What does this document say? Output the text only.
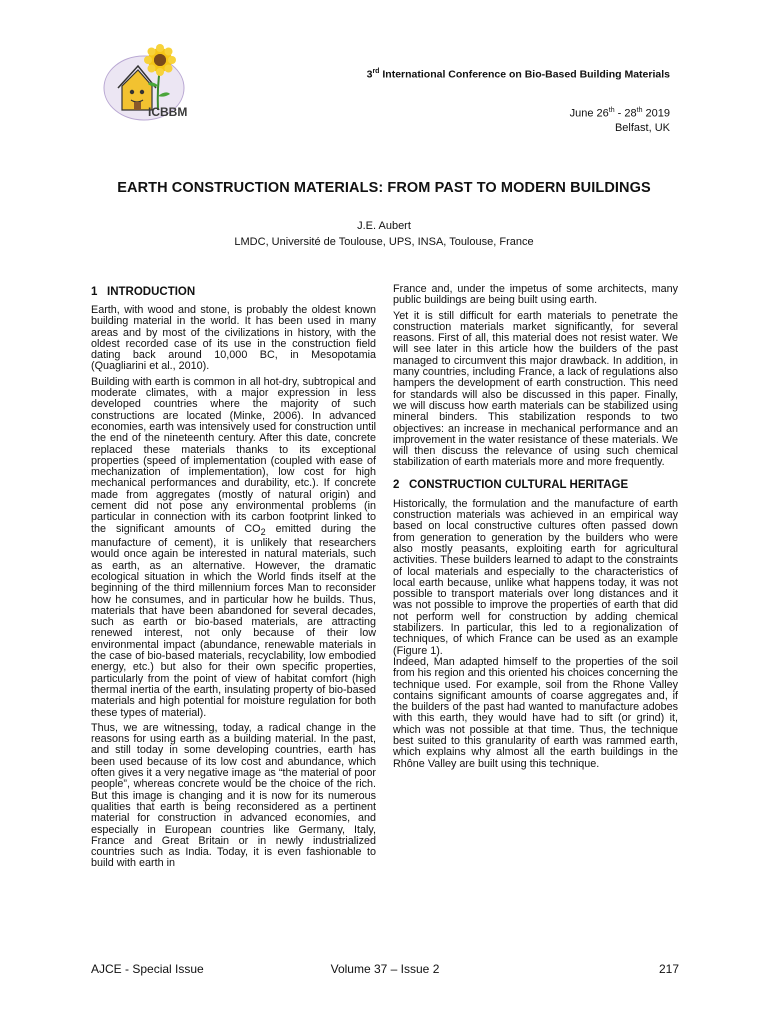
ICBBM
3rd International Conference on Bio-Based Building Materials
June 26th - 28th 2019
Belfast, UK
EARTH CONSTRUCTION MATERIALS: FROM PAST TO MODERN BUILDINGS
J.E. Aubert
LMDC, Université de Toulouse, UPS, INSA, Toulouse, France
1 INTRODUCTION

Earth, with wood and stone, is probably the oldest known building material in the world. It has been used in many areas and by most of the civilizations in history, with the oldest recorded case of its use in the construction field dating back around 10,000 BC, in Mesopotamia (Quagliarini et al., 2010).

Building with earth is common in all hot-dry, subtropical and moderate climates, with a major expression in less developed countries where the majority of such constructions are located (Minke, 2006). In advanced economies, earth was intensively used for construction until the end of the nineteenth century. After this date, concrete replaced these materials thanks to its exceptional properties (speed of implementation (coupled with ease of mechanization of implementation), low cost for high mechanical performances and durability, etc.). If concrete made from aggregates (mostly of natural origin) and cement did not pose any environmental problems (in particular in connection with its carbon footprint linked to the significant amounts of $CO_2$ emitted during the manufacture of cement), it is unlikely that researchers would once again be interested in natural materials, such as earth, as an alternative. However, the dramatic ecological situation in which the World finds itself at the beginning of the third millennium forces Man to reconsider how he consumes, and in particular how he builds. Thus, materials that have been abandoned for several decades, such as earth or bio-based materials, are attracting renewed interest, not only because of their low environmental impact (abundance, renewable materials in the case of bio-based materials, recyclability, low embodied energy, etc.) but also for their own specific properties, particularly from the point of view of habitat comfort (high thermal inertia of the earth, insulating property of bio-based materials and high potential for moisture regulation for both these types of material).

Thus, we are witnessing, today, a radical change in the reasons for using earth as a building material. In the past, and still today in some developing countries, earth has been used because of its low cost and abundance, which often gives it a very negative image as “the material of poor people”, whereas concrete would be the choice of the rich. But this image is changing and it is now for its numerous qualities that earth is being reconsidered as a pertinent material for construction in advanced economies, and especially in European countries like Germany, Italy, France and Great Britain or in newly industrialized countries such as India. Today, it is even fashionable to build with earth in

France and, under the impetus of some architects, many public buildings are being built using earth.

Yet it is still difficult for earth materials to penetrate the construction materials market significantly, for several reasons. First of all, this material does not resist water. We will see later in this article how the builders of the past managed to circumvent this major drawback. In addition, in many countries, including France, a lack of regulations also hampers the development of earth construction. This need for standards will also be discussed in this paper. Finally, we will discuss how earth materials can be stabilized using mineral binders. This stabilization responds to two objectives: an increase in mechanical performance and an improvement in the water resistance of these materials. We will then discuss the relevance of using such chemical stabilization of earth materials more and more frequently.

2 CONSTRUCTION CULTURAL HERITAGE

Historically, the formulation and the manufacture of earth construction materials was achieved in an empirical way based on local constructive cultures often passed down from generation to generation by the builders who were also mostly peasants, exploiting earth for agricultural activities. These builders learned to adapt to the constraints of local materials and especially to the characteristics of local earth because, unlike what happens today, it was not possible to transport materials over long distances and it was not possible to improve the properties of earth that did not perform well for construction by adding chemical stabilizers. In particular, this led to a regionalization of techniques, of which France can be used as an example (Figure 1).

Indeed, Man adapted himself to the properties of the soil from his region and this oriented his choices concerning the technique used. For example, soil from the Rhone Valley contains significant amounts of coarse aggregates and, if the builders of the past had wanted to manufacture adobes with this earth, they would have had to sift (or grind) it, which was not possible at that time. Thus, the technique best suited to this granularity of earth was rammed earth, which explains why almost all the earth buildings in the Rhône Valley are built using this technique.

AJCE - Special Issue	Volume 37 – Issue 2	217
